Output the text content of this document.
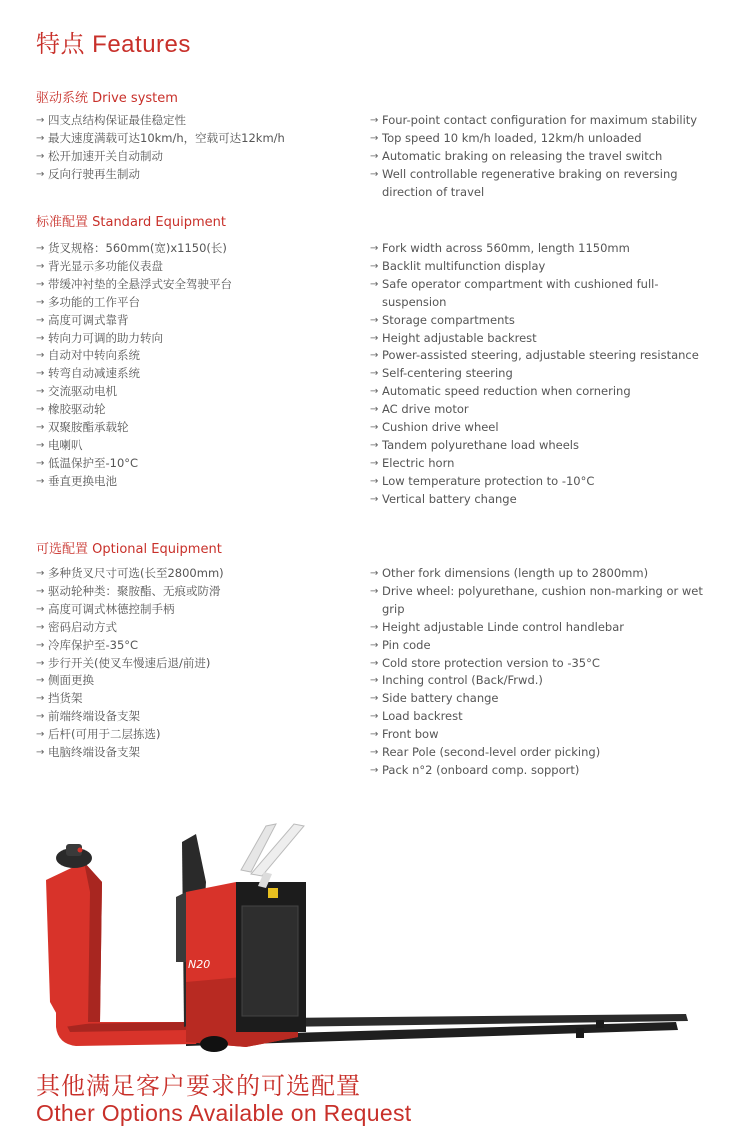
特点 Features
驱动系统 Drive system
→ 四支点结构保证最佳稳定性
→ 最大速度满载可达10km/h，空载可达12km/h
→ 松开加速开关自动制动
→ 反向行驶再生制动
→ Four-point contact configuration for maximum stability
→ Top speed 10 km/h loaded, 12km/h unloaded
→ Automatic braking on releasing the travel switch
→ Well controllable regenerative braking on reversing direction of travel
标准配置 Standard Equipment
→ 货叉规格：560mm(宽)x1150(长)
→ 背光显示多功能仪表盘
→ 带缓冲衬垫的全悬浮式安全驾驶平台
→ 多功能的工作平台
→ 高度可调式靠背
→ 转向力可调的助力转向
→ 自动对中转向系统
→ 转弯自动减速系统
→ 交流驱动电机
→ 橡胶驱动轮
→ 双聚胺酯承载轮
→ 电喇叭
→ 低温保护至-10°C
→ 垂直更换电池
→ Fork width across 560mm, length 1150mm
→ Backlit multifunction display
→ Safe operator compartment with cushioned full-suspension
→ Storage compartments
→ Height adjustable backrest
→ Power-assisted steering, adjustable steering resistance
→ Self-centering steering
→ Automatic speed reduction when cornering
→ AC drive motor
→ Cushion drive wheel
→ Tandem polyurethane load wheels
→ Electric horn
→ Low temperature protection to -10°C
→ Vertical battery change
可选配置 Optional Equipment
→ 多种货叉尺寸可选(长至2800mm)
→ 驱动轮种类：聚胺酯、无痕或防滑
→ 高度可调式林德控制手柄
→ 密码启动方式
→ 冷库保护至-35°C
→ 步行开关(使叉车慢速后退/前进)
→ 侧面更换
→ 挡货架
→ 前端终端设备支架
→ 后杆(可用于二层拣选)
→ 电脑终端设备支架
→ Other fork dimensions (length up to 2800mm)
→ Drive wheel: polyurethane, cushion non-marking or wet grip
→ Height adjustable Linde control handlebar
→ Pin code
→ Cold store protection version to -35°C
→ Inching control (Back/Frwd.)
→ Side battery change
→ Load backrest
→ Front bow
→ Rear Pole (second-level order picking)
→ Pack n°2 (onboard comp. sopport)
N20
其他满足客户要求的可选配置
Other Options Available on Request
